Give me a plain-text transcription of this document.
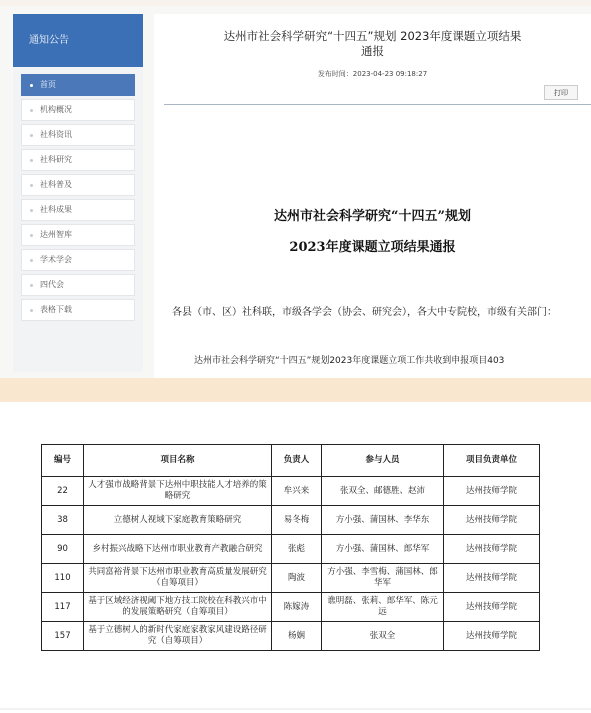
通知公告
首页
机构概况
社科资讯
社科研究
社科普及
社科成果
达州智库
学术学会
四代会
表格下载
达州市社会科学研究“十四五”规划 2023年度课题立项结果
通报
发布时间：2023-04-23 09:18:27
打印
达州市社会科学研究“十四五”规划
2023年度课题立项结果通报
各县（市、区）社科联，市级各学会（协会、研究会），各大中专院校，市级有关部门：
达州市社会科学研究“十四五”规划2023年度课题立项工作共收到申报项目403
编号	项目名称	负责人	参与人员	项目负责单位
22	人才强市战略背景下达州中职技能人才培养的策略研究	牟兴来	张双全、邮德胜、赵沛	达州技师学院
38	立德树人视域下家庭教育策略研究	易冬梅	方小强、蒲国林、李华东	达州技师学院
90	乡村振兴战略下达州市职业教育产教融合研究	张彪	方小强、蒲国林、郎华军	达州技师学院
110	共同富裕背景下达州市职业教育高质量发展研究（自筹项目）	陶波	方小强、李雪梅、蒲国林、郎华军	达州技师学院
117	基于区域经济视阈下地方技工院校在科教兴市中的发展策略研究（自筹项目）	陈嫁涛	谯明磊、张莉、郎华军、陈元远	达州技师学院
157	基于立德树人的新时代家庭家教家风建设路径研究（自筹项目）	杨娴	张双全	达州技师学院
